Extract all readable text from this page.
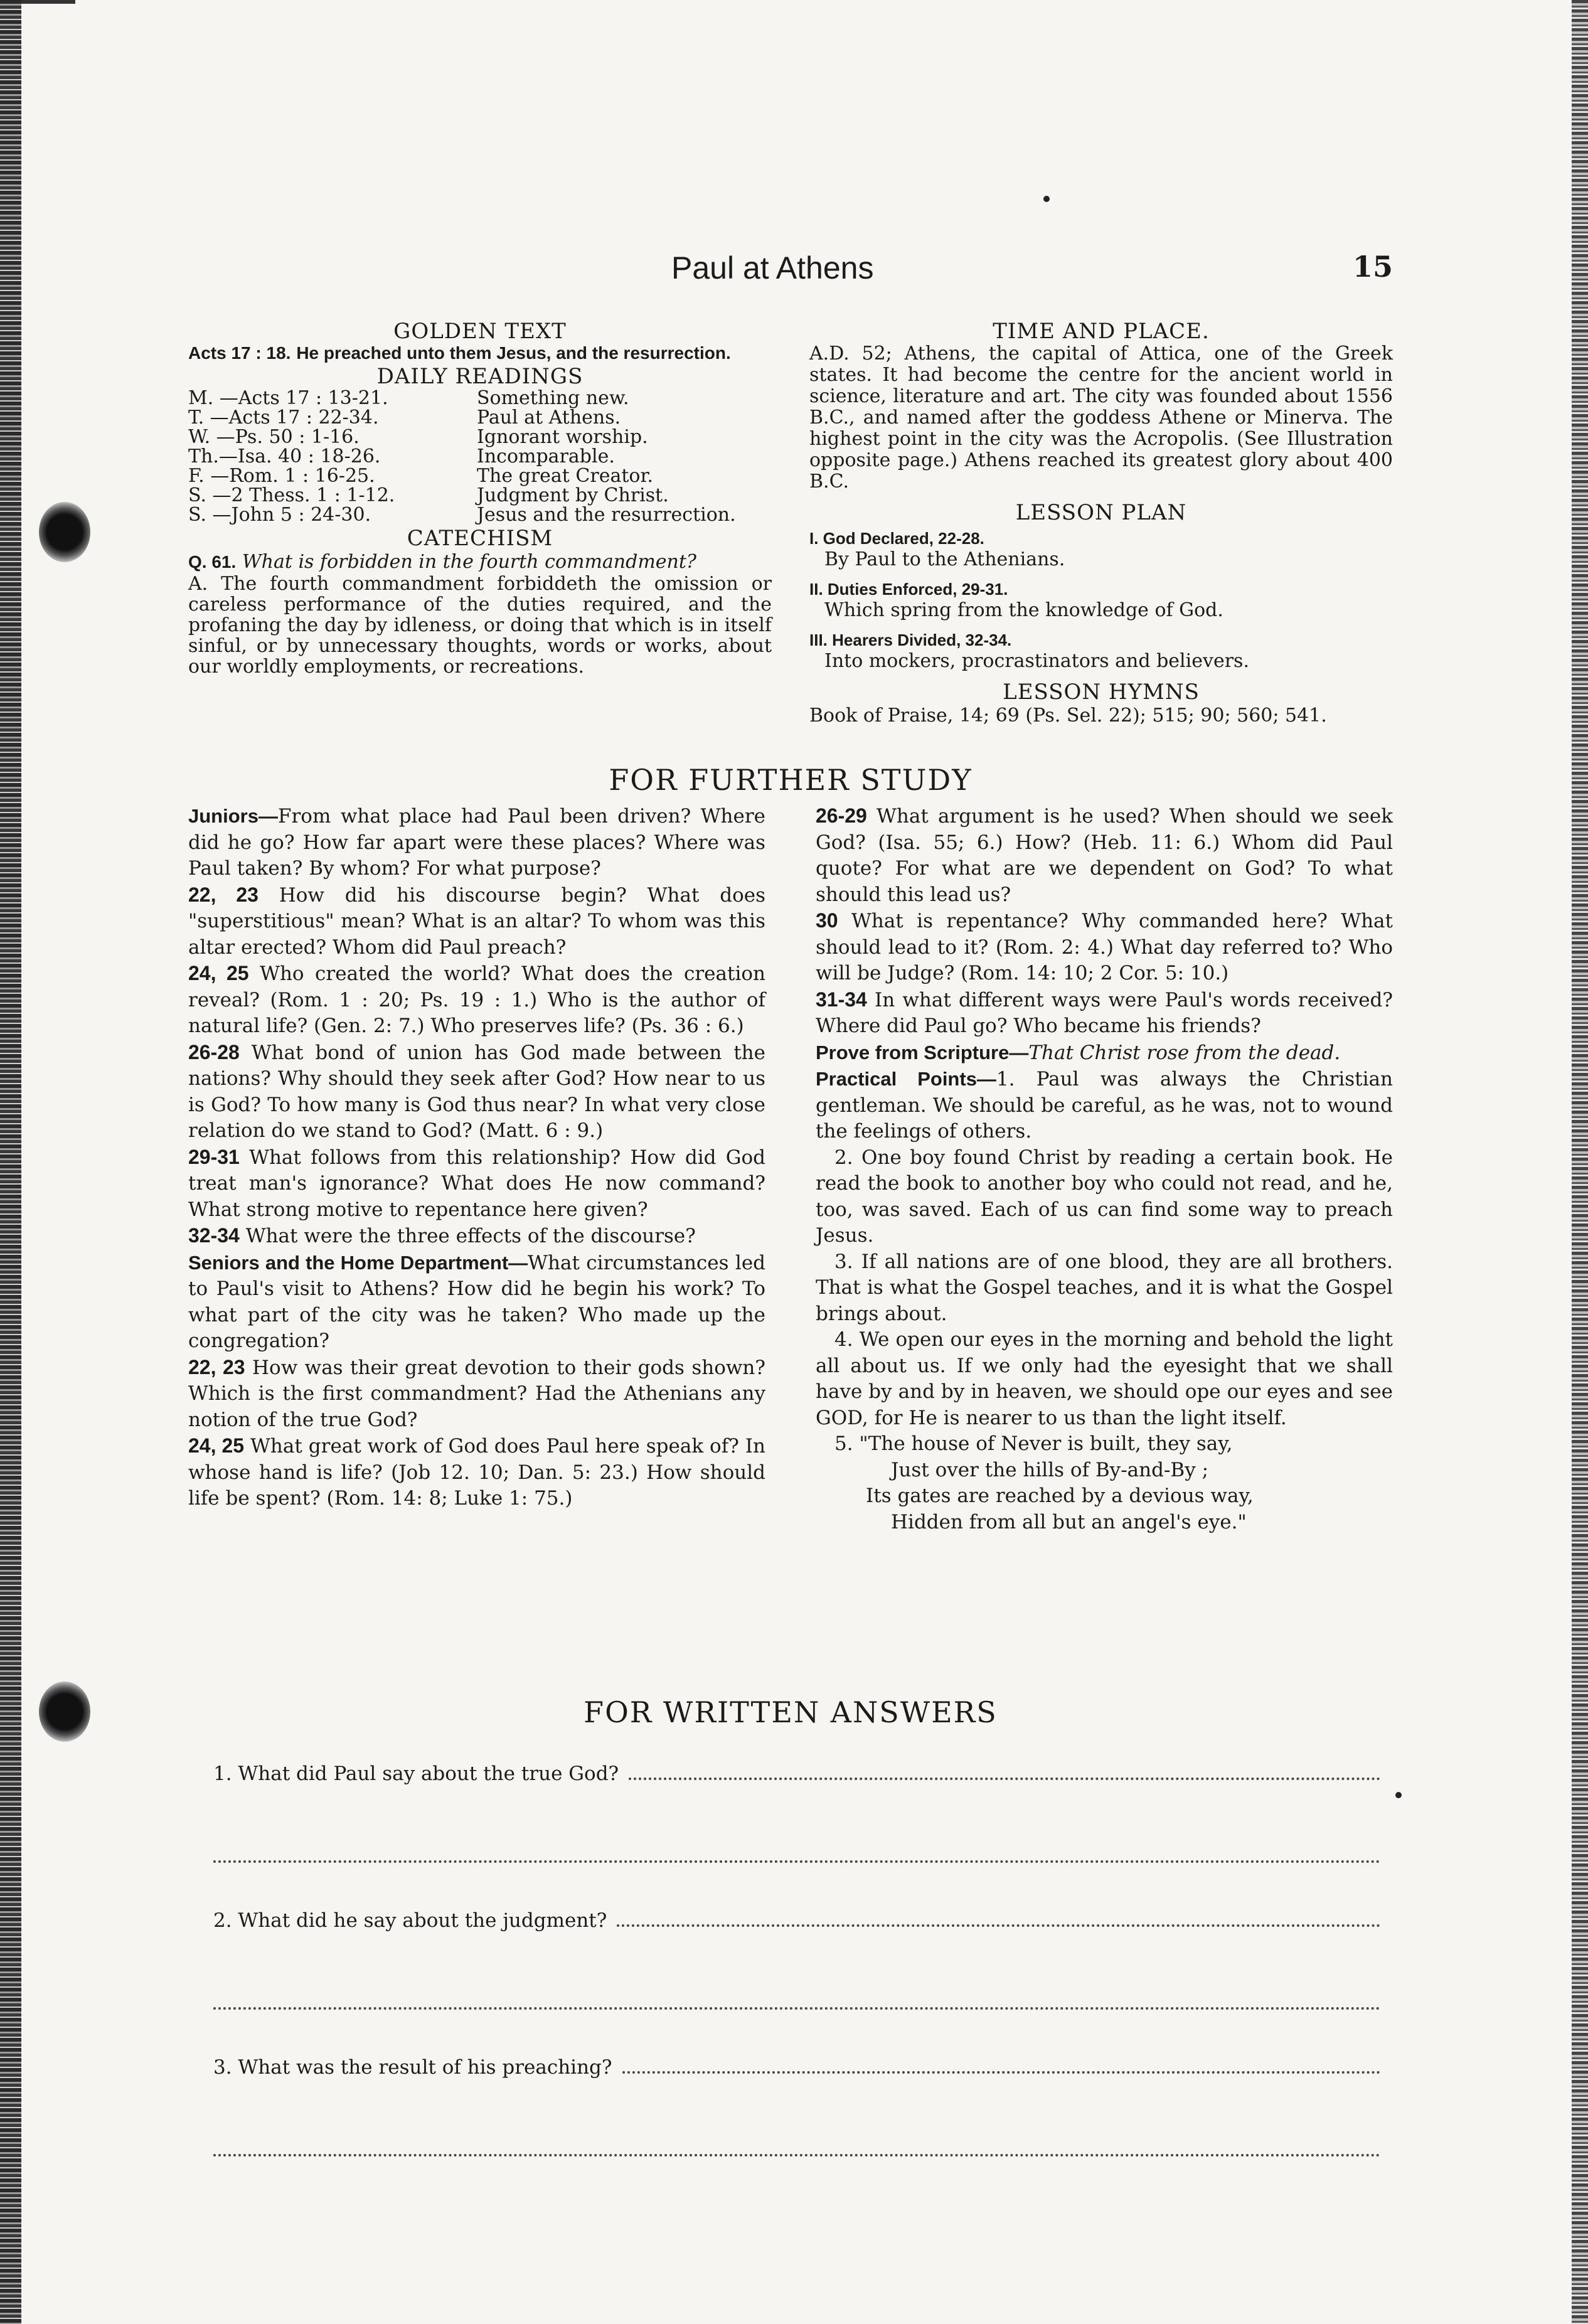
Paul at Athens	15
GOLDEN TEXT

Acts 17 : 18. He preached unto them Jesus, and the resurrection.

DAILY READINGS
M. —Acts 17 : 13-21.	Something new.
T. —Acts 17 : 22-34.	Paul at Athens.
W. —Ps. 50 : 1-16.	Ignorant worship.
Th.—Isa. 40 : 18-26.	Incomparable.
F. —Rom. 1 : 16-25.	The great Creator.
S. —2 Thess. 1 : 1-12.	Judgment by Christ.
S. —John 5 : 24-30.	Jesus and the resurrection.
CATECHISM

Q. 61. What is forbidden in the fourth commandment?

A. The fourth commandment forbiddeth the omission or careless performance of the duties required, and the profaning the day by idleness, or doing that which is in itself sinful, or by unnecessary thoughts, words or works, about our worldly employments, or recreations.

TIME AND PLACE.

A.D. 52; Athens, the capital of Attica, one of the Greek states. It had become the centre for the ancient world in science, literature and art. The city was founded about 1556 B.C., and named after the goddess Athene or Minerva. The highest point in the city was the Acropolis. (See Illustration opposite page.) Athens reached its greatest glory about 400 B.C.

LESSON PLAN
I. God Declared, 22-28.
By Paul to the Athenians.
II. Duties Enforced, 29-31.
Which spring from the knowledge of God.
III. Hearers Divided, 32-34.
Into mockers, procrastinators and believers.
LESSON HYMNS

Book of Praise, 14; 69 (Ps. Sel. 22); 515; 90; 560; 541.

FOR FURTHER STUDY

Juniors—From what place had Paul been driven? Where did he go? How far apart were these places? Where was Paul taken? By whom? For what purpose?

22, 23 How did his discourse begin? What does "superstitious" mean? What is an altar? To whom was this altar erected? Whom did Paul preach?

24, 25 Who created the world? What does the creation reveal? (Rom. 1 : 20; Ps. 19 : 1.) Who is the author of natural life? (Gen. 2: 7.) Who preserves life? (Ps. 36 : 6.)

26-28 What bond of union has God made between the nations? Why should they seek after God? How near to us is God? To how many is God thus near? In what very close relation do we stand to God? (Matt. 6 : 9.)

29-31 What follows from this relationship? How did God treat man's ignorance? What does He now command? What strong motive to repentance here given?

32-34 What were the three effects of the discourse?

Seniors and the Home Department—What circumstances led to Paul's visit to Athens? How did he begin his work? To what part of the city was he taken? Who made up the congregation?

22, 23 How was their great devotion to their gods shown? Which is the first commandment? Had the Athenians any notion of the true God?

24, 25 What great work of God does Paul here speak of? In whose hand is life? (Job 12. 10; Dan. 5: 23.) How should life be spent? (Rom. 14: 8; Luke 1: 75.)

26-29 What argument is he used? When should we seek God? (Isa. 55; 6.) How? (Heb. 11: 6.) Whom did Paul quote? For what are we dependent on God? To what should this lead us?

30 What is repentance? Why commanded here? What should lead to it? (Rom. 2: 4.) What day referred to? Who will be Judge? (Rom. 14: 10; 2 Cor. 5: 10.)

31-34 In what different ways were Paul's words received? Where did Paul go? Who became his friends?

Prove from Scripture—That Christ rose from the dead.

Practical Points—1. Paul was always the Christian gentleman. We should be careful, as he was, not to wound the feelings of others.

2. One boy found Christ by reading a certain book. He read the book to another boy who could not read, and he, too, was saved. Each of us can find some way to preach Jesus.

3. If all nations are of one blood, they are all brothers. That is what the Gospel teaches, and it is what the Gospel brings about.

4. We open our eyes in the morning and behold the light all about us. If we only had the eyesight that we shall have by and by in heaven, we should ope our eyes and see GOD, for He is nearer to us than the light itself.

5. "The house of Never is built, they say,
Just over the hills of By-and-By ;
Its gates are reached by a devious way,
Hidden from all but an angel's eye."
FOR WRITTEN ANSWERS
1. What did Paul say about the true God?
2. What did he say about the judgment?
3. What was the result of his preaching?
